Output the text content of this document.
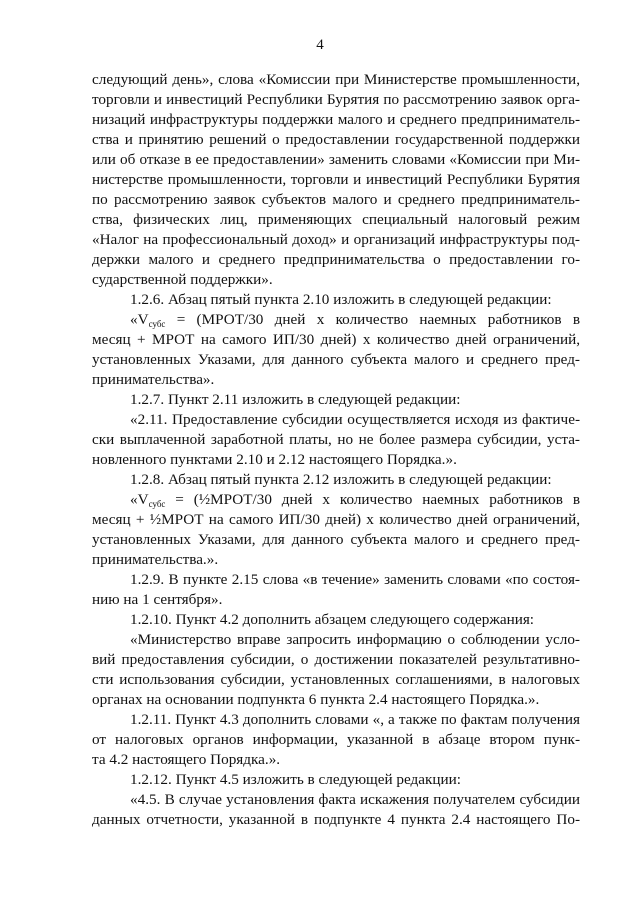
4
следующий день», слова «Комиссии при Министерстве промышленности,
торговли и инвестиций Республики Бурятия по рассмотрению заявок орга-
низаций инфраструктуры поддержки малого и среднего предприниматель-
ства и принятию решений о предоставлении государственной поддержки
или об отказе в ее предоставлении» заменить словами «Комиссии при Ми-
нистерстве промышленности, торговли и инвестиций Республики Бурятия
по рассмотрению заявок субъектов малого и среднего предприниматель-
ства, физических лиц, применяющих специальный налоговый режим
«Налог на профессиональный доход» и организаций инфраструктуры под-
держки малого и среднего предпринимательства о предоставлении го-
сударственной поддержки».
1.2.6. Абзац пятый пункта 2.10 изложить в следующей редакции:
«$V_{субс}$ = (МРОТ/30 дней х количество наемных работников в
месяц + МРОТ на самого ИП/30 дней) х количество дней ограничений,
установленных Указами, для данного субъекта малого и среднего пред-
принимательства».
1.2.7. Пункт 2.11 изложить в следующей редакции:
«2.11. Предоставление субсидии осуществляется исходя из фактиче-
ски выплаченной заработной платы, но не более размера субсидии, уста-
новленного пунктами 2.10 и 2.12 настоящего Порядка.».
1.2.8. Абзац пятый пункта 2.12 изложить в следующей редакции:
«$V_{субс}$ = (½МРОТ/30 дней х количество наемных работников в
месяц + ½МРОТ на самого ИП/30 дней) х количество дней ограничений,
установленных Указами, для данного субъекта малого и среднего пред-
принимательства.».
1.2.9. В пункте 2.15 слова «в течение» заменить словами «по состоя-
нию на 1 сентября».
1.2.10. Пункт 4.2 дополнить абзацем следующего содержания:
«Министерство вправе запросить информацию о соблюдении усло-
вий предоставления субсидии, о достижении показателей результативно-
сти использования субсидии, установленных соглашениями, в налоговых
органах на основании подпункта 6 пункта 2.4 настоящего Порядка.».
1.2.11. Пункт 4.3 дополнить словами «, а также по фактам получения
от налоговых органов информации, указанной в абзаце втором пунк-
та 4.2 настоящего Порядка.».
1.2.12. Пункт 4.5 изложить в следующей редакции:
«4.5. В случае установления факта искажения получателем субсидии
данных отчетности, указанной в подпункте 4 пункта 2.4 настоящего По-
